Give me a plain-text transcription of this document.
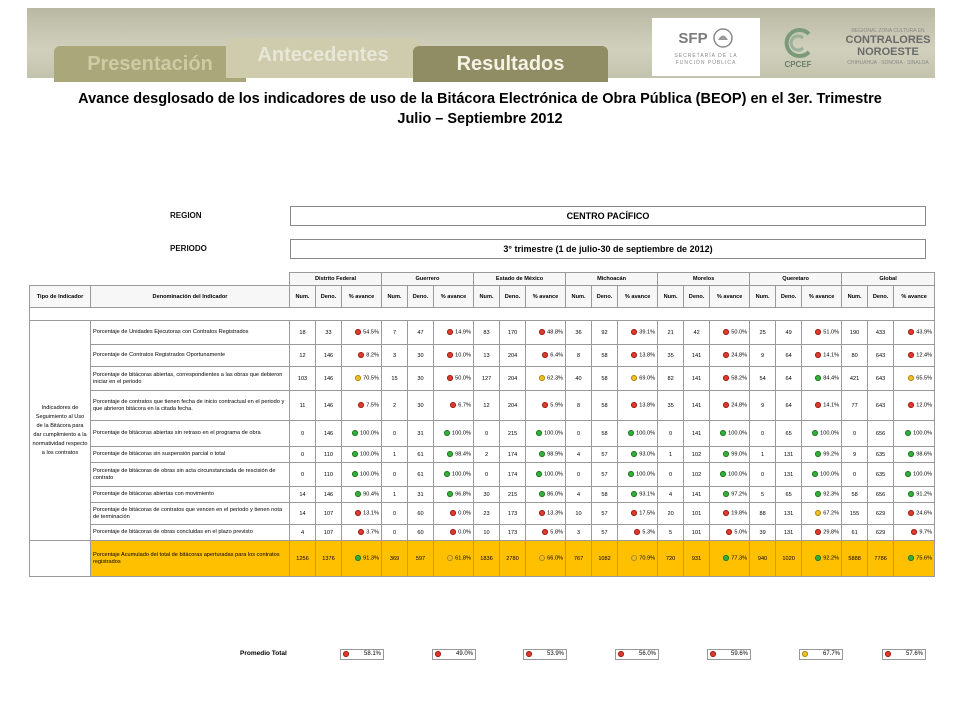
Presentación	Antecedentes	Resultados
SFP
SECRETARÍA DE LA
FUNCIÓN PÚBLICA	CPCEF
REGIONAL ZONA CULTURA EN
CONTRALORES
NOROESTE
CHIHUAHUA · SONORA · SINALOA
Avance desglosado de los indicadores de uso de la Bitácora Electrónica de Obra Pública (BEOP) en el 3er. Trimestre
Julio – Septiembre 2012
REGION	CENTRO PACÍFICO
PERIODO	3° trimestre (1 de julio-30 de septiembre de 2012)
		Distrito Federal			Guerrero			Estado de México			Michoacán			Morelos			Queretaro			Global		
Tipo de Indicador	Denominación del Indicador	Num.	Deno.	% avance	Num.	Deno.	% avance	Num.	Deno.	% avance	Num.	Deno.	% avance	Num.	Deno.	% avance	Num.	Deno.	% avance	Num.	Deno.	% avance

Indicadores de Seguimiento al Uso de la Bitácora para dar cumplimiento a la normatividad respecto a los contratos	Porcentaje de Unidades Ejecutoras con Contratos Registrados	18	33	54.5%	7	47	14.9%	83	170	48.8%	36	92	39.1%	21	42	50.0%	25	49	51.0%	190	433	43.9%
	Porcentaje de Contratos Registrados Oportunamente	12	146	8.2%	3	30	10.0%	13	204	6.4%	8	58	13.8%	35	141	24.8%	9	64	14.1%	80	643	12.4%
	Porcentaje de bitácoras abiertas, correspondientes a las obras que debieron iniciar en el periodo	103	146	70.5%	15	30	50.0%	127	204	62.3%	40	58	69.0%	82	141	58.2%	54	64	84.4%	421	643	65.5%
	Porcentaje de contratos que tienen fecha de inicio contractual en el periodo y que abrieron bitácora en la citada fecha.	11	146	7.5%	2	30	6.7%	12	204	5.9%	8	58	13.8%	35	141	24.8%	9	64	14.1%	77	643	12.0%
	Porcentaje de bitácoras abiertas sin retraso en el programa de obra	0	146	100.0%	0	31	100.0%	0	215	100.0%	0	58	100.0%	0	141	100.0%	0	65	100.0%	0	656	100.0%
	Porcentaje de bitácoras sin suspensión parcial o total	0	110	100.0%	1	61	98.4%	2	174	98.9%	4	57	93.0%	1	102	99.0%	1	131	99.2%	9	635	98.6%
	Porcentaje de bitácoras de obras sin acta circunstanciada de rescisión de contrato	0	110	100.0%	0	61	100.0%	0	174	100.0%	0	57	100.0%	0	102	100.0%	0	131	100.0%	0	635	100.0%
	Porcentaje de bitácoras abiertas con movimiento	14	146	90.4%	1	31	96.8%	30	215	86.0%	4	58	93.1%	4	141	97.2%	5	65	92.3%	58	656	91.2%
	Porcentaje de bitácoras de contratos que vencen en el periodo y tienen nota de terminación	14	107	13.1%	0	60	0.0%	23	173	13.3%	10	57	17.5%	20	101	19.8%	88	131	67.2%	155	629	24.6%
	Porcentaje de bitácoras de obras concluidas en el plazo previsto	4	107	3.7%	0	60	0.0%	10	173	5.8%	3	57	5.3%	5	101	5.0%	39	131	29.8%	61	629	9.7%
	Porcentaje Acumulado del total de bitácoras aperturadas para los contratos registrados	1256	1376	91.3%	369	597	61.8%	1836	2780	66.0%	767	1082	70.9%	720	931	77.3%	940	1020	92.2%	5888	7786	75.6%
Promedio Total	58.1%	49.0%	53.9%	56.0%	59.6%	67.7%	57.6%
